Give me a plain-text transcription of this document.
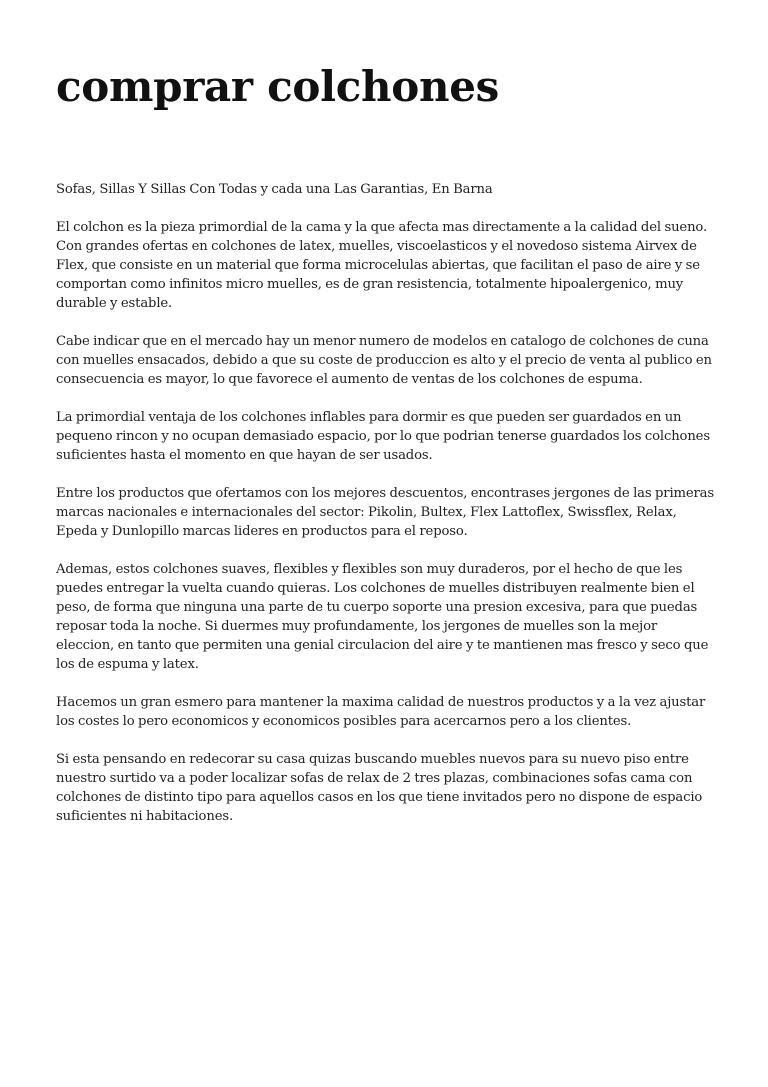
comprar colchones

Sofas, Sillas Y Sillas Con Todas y cada una Las Garantias, En Barna

El colchon es la pieza primordial de la cama y la que afecta mas directamente a la calidad del sueno. Con grandes ofertas en colchones de latex, muelles, viscoelasticos y el novedoso sistema Airvex de Flex, que consiste en un material que forma microcelulas abiertas, que facilitan el paso de aire y se comportan como infinitos micro muelles, es de gran resistencia, totalmente hipoalergenico, muy durable y estable.

Cabe indicar que en el mercado hay un menor numero de modelos en catalogo de colchones de cuna con muelles ensacados, debido a que su coste de produccion es alto y el precio de venta al publico en consecuencia es mayor, lo que favorece el aumento de ventas de los colchones de espuma.

La primordial ventaja de los colchones inflables para dormir es que pueden ser guardados en un pequeno rincon y no ocupan demasiado espacio, por lo que podrian tenerse guardados los colchones suficientes hasta el momento en que hayan de ser usados.

Entre los productos que ofertamos con los mejores descuentos, encontrases jergones de las primeras marcas nacionales e internacionales del sector: Pikolin, Bultex, Flex Lattoflex, Swissflex, Relax, Epeda y Dunlopillo marcas lideres en productos para el reposo.

Ademas, estos colchones suaves, flexibles y flexibles son muy duraderos, por el hecho de que les puedes entregar la vuelta cuando quieras. Los colchones de muelles distribuyen realmente bien el peso, de forma que ninguna una parte de tu cuerpo soporte una presion excesiva, para que puedas reposar toda la noche. Si duermes muy profundamente, los jergones de muelles son la mejor eleccion, en tanto que permiten una genial circulacion del aire y te mantienen mas fresco y seco que los de espuma y latex.

Hacemos un gran esmero para mantener la maxima calidad de nuestros productos y a la vez ajustar los costes lo pero economicos y economicos posibles para acercarnos pero a los clientes.

Si esta pensando en redecorar su casa quizas buscando muebles nuevos para su nuevo piso entre nuestro surtido va a poder localizar sofas de relax de 2 tres plazas, combinaciones sofas cama con colchones de distinto tipo para aquellos casos en los que tiene invitados pero no dispone de espacio suficientes ni habitaciones.
